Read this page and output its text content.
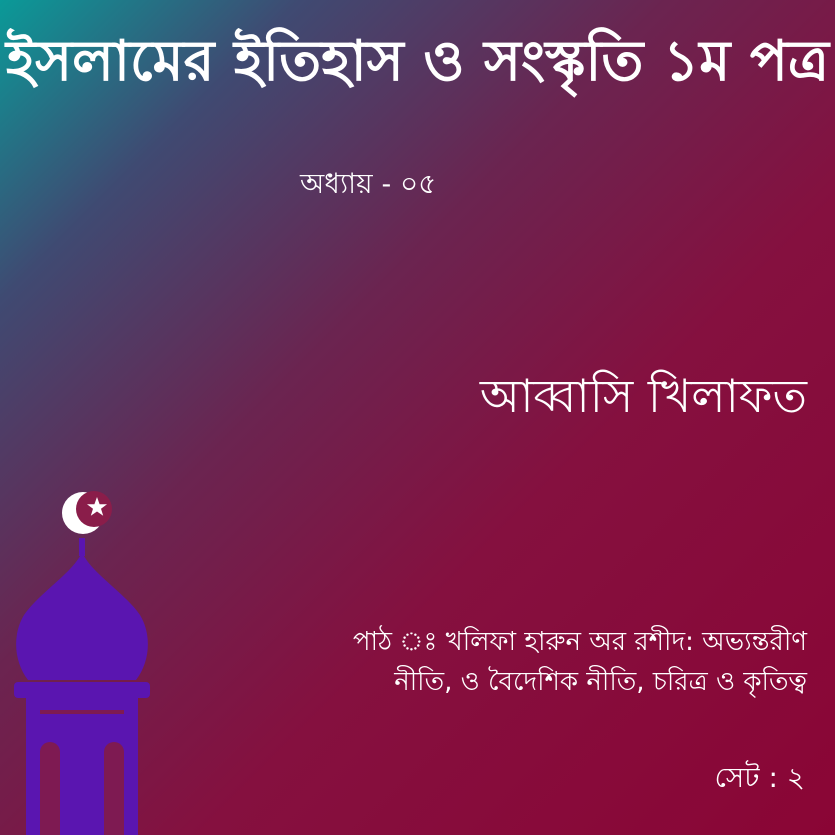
ইসলামের ইতিহাস ও সংস্কৃতি ১ম পত্র
অধ্যায় - ০৫
আব্বাসি খিলাফত
পাঠ ঃ খলিফা হারুন অর রশীদ: অভ্যন্তরীণ
নীতি, ও বৈদেশিক নীতি, চরিত্র ও কৃতিত্ব
সেট : ২
